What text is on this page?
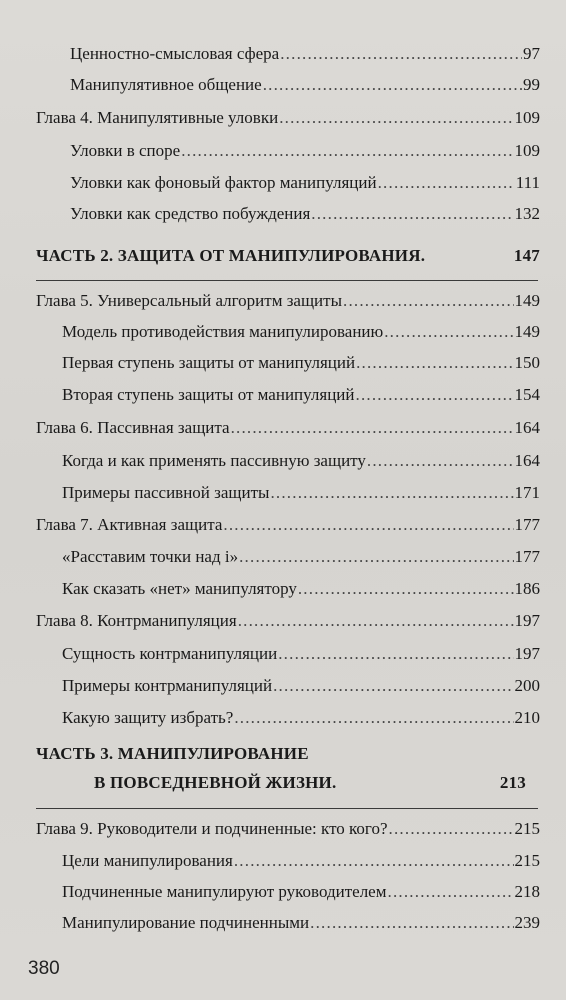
Ценностно-смысловая сфера .....	97
Манипулятивное общение .....	99
Глава 4. Манипулятивные уловки .....	109
Уловки в споре .....	109
Уловки как фоновый фактор манипуляций .....	111
Уловки как средство побуждения .....	132
ЧАСТЬ 2. ЗАЩИТА ОТ МАНИПУЛИРОВАНИЯ .	147
Глава 5. Универсальный алгоритм защиты .....	149
Модель противодействия манипулированию .....	149
Первая ступень защиты от манипуляций .....	150
Вторая ступень защиты от манипуляций .....	154
Глава 6. Пассивная защита .....	164
Когда и как применять пассивную защиту .....	164
Примеры пассивной защиты .....	171
Глава 7. Активная защита .....	177
«Расставим точки над і» .....	177
Как сказать «нет» манипулятору .....	186
Глава 8. Контрманипуляция .....	197
Сущность контрманипуляции .....	197
Примеры контрманипуляций .....	200
Какую защиту избрать? .....	210
ЧАСТЬ 3. МАНИПУЛИРОВАНИЕ
В ПОВСЕДНЕВНОЙ ЖИЗНИ .	213
Глава 9. Руководители и подчиненные: кто кого? .....	215
Цели манипулирования .....	215
Подчиненные манипулируют руководителем .....	218
Манипулирование подчиненными .....	239
380
